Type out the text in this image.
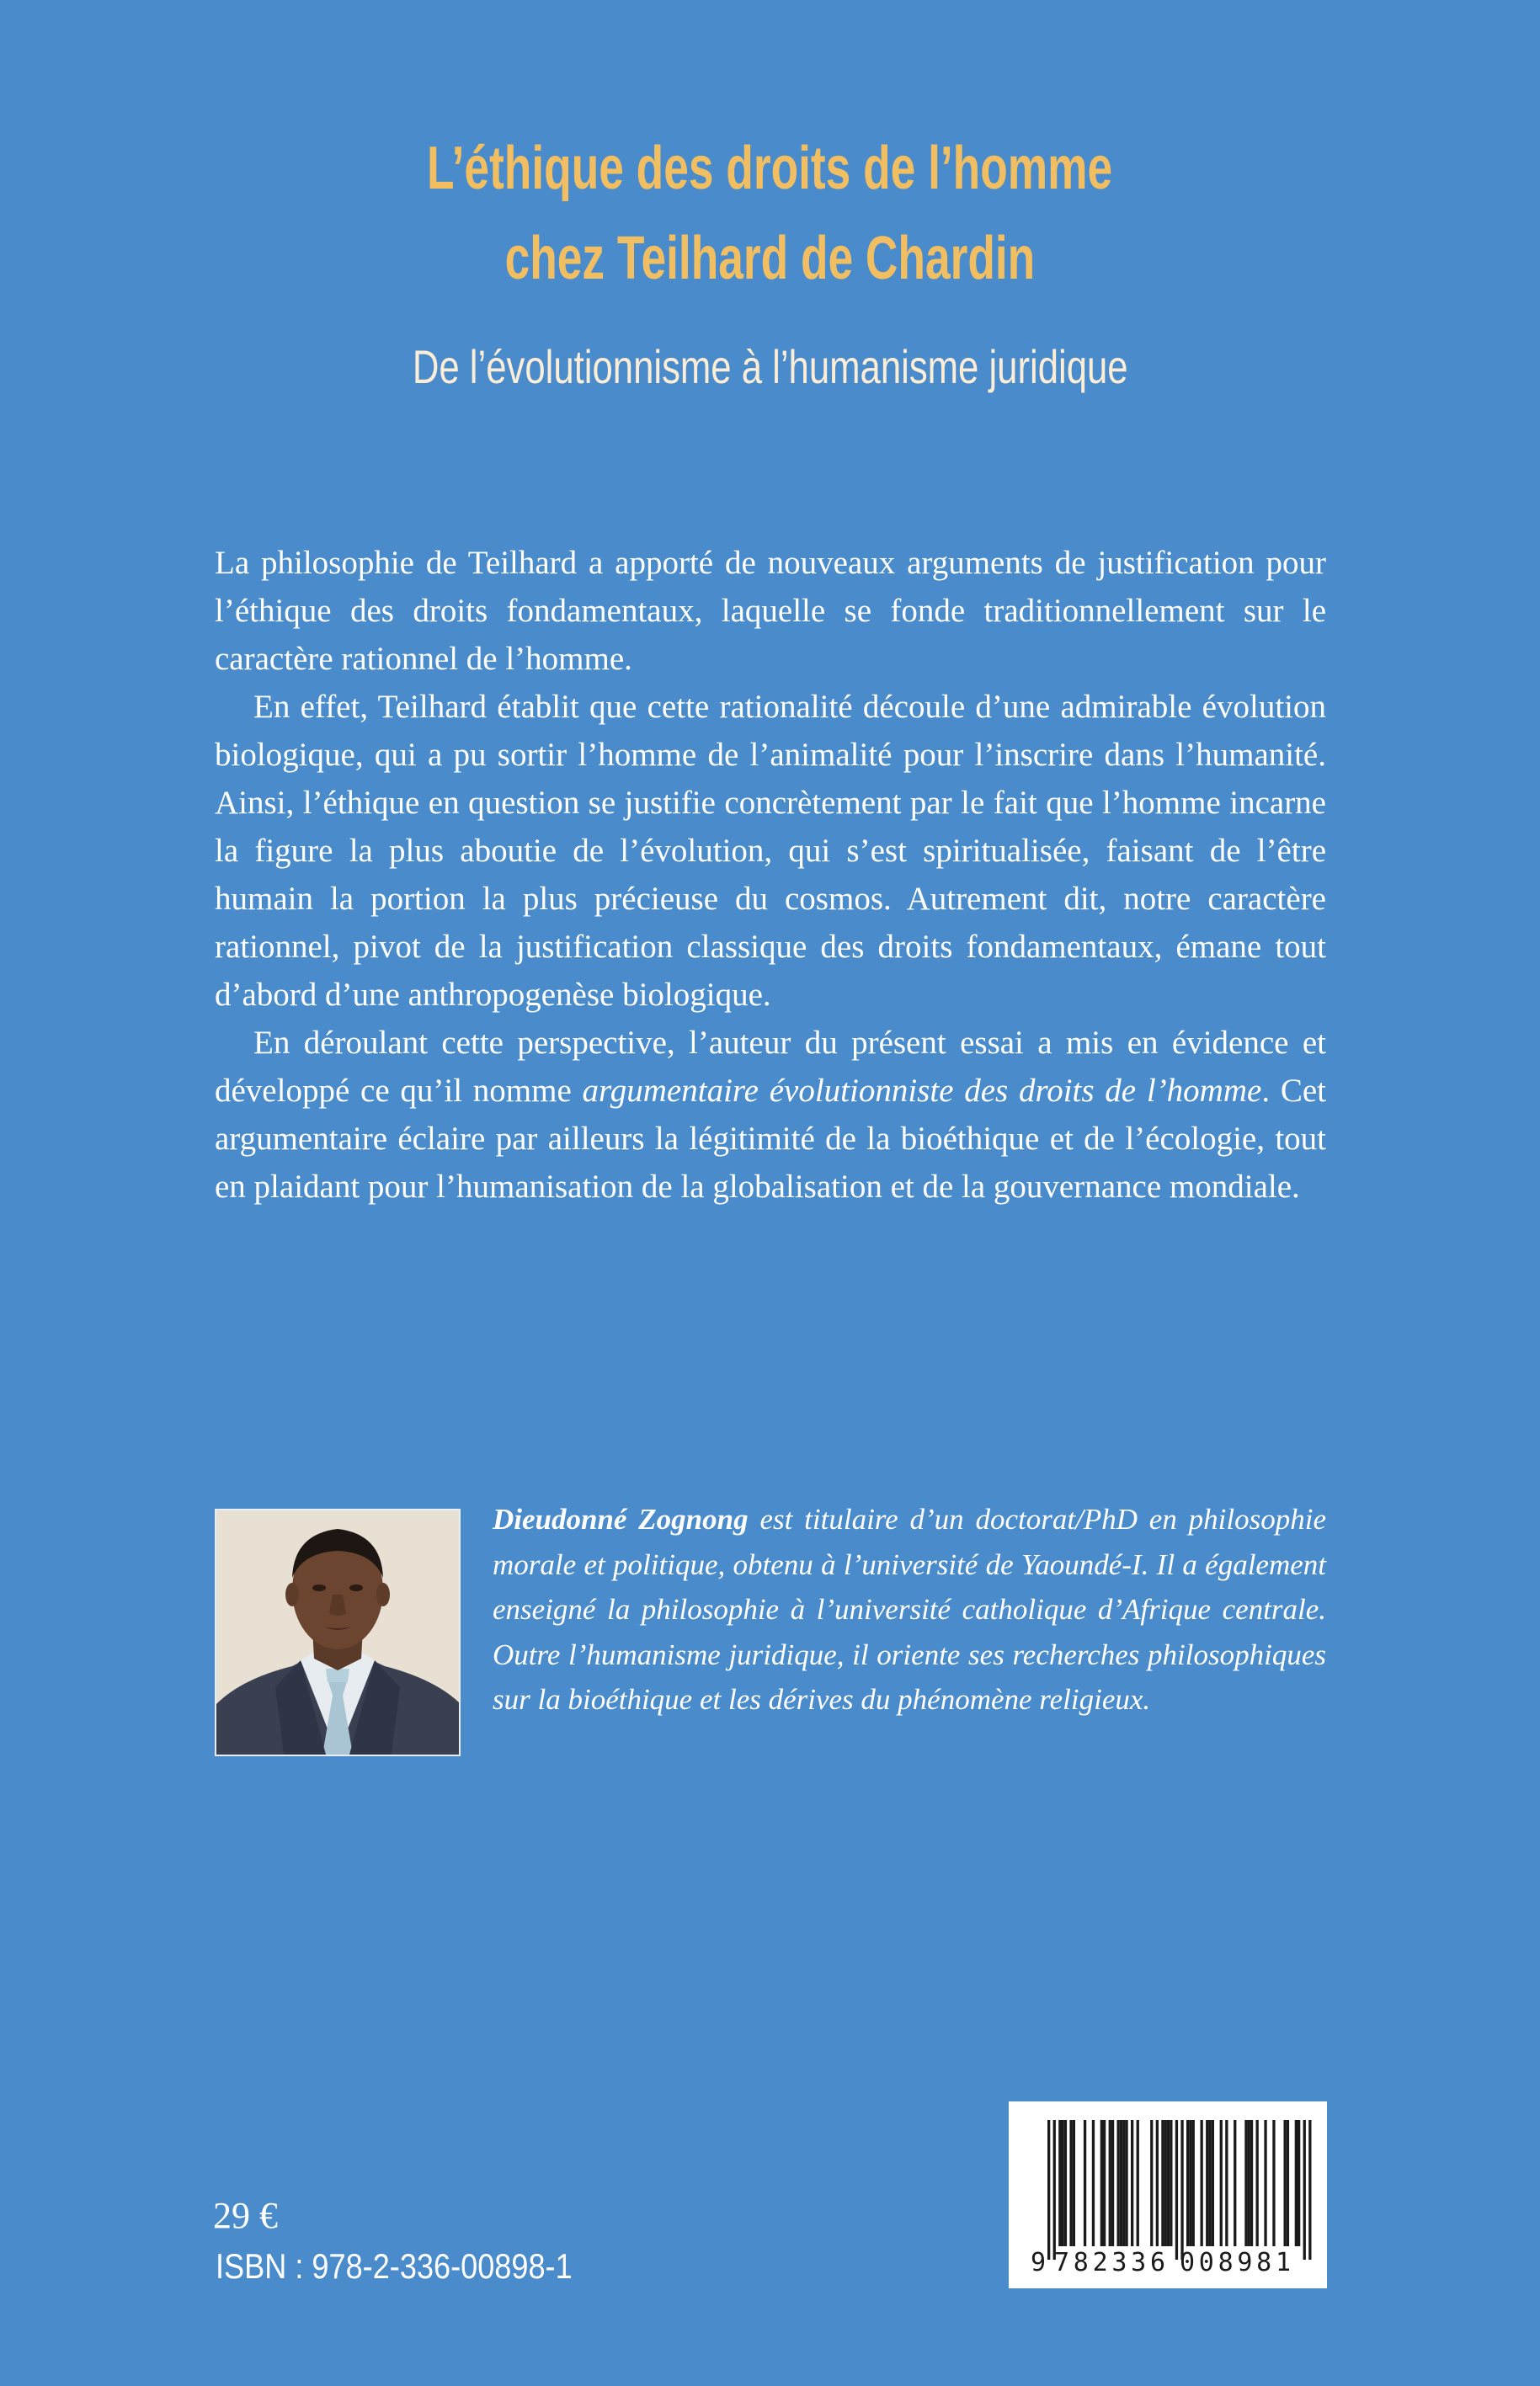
L’éthique des droits de l’homme
chez Teilhard de Chardin
De l’évolutionnisme à l’humanisme juridique

La philosophie de Teilhard a apporté de nouveaux arguments de justification pour l’éthique des droits fondamentaux, laquelle se fonde traditionnellement sur le caractère rationnel de l’homme.

En effet, Teilhard établit que cette rationalité découle d’une admirable évolution biologique, qui a pu sortir l’homme de l’animalité pour l’inscrire dans l’humanité. Ainsi, l’éthique en question se justifie concrètement par le fait que l’homme incarne la figure la plus aboutie de l’évolution, qui s’est spiritualisée, faisant de l’être humain la portion la plus précieuse du cosmos. Autrement dit, notre caractère rationnel, pivot de la justification classique des droits fondamentaux, émane tout d’abord d’une anthropogenèse biologique.

En déroulant cette perspective, l’auteur du présent essai a mis en évidence et développé ce qu’il nomme argumentaire évolutionniste des droits de l’homme. Cet argumentaire éclaire par ailleurs la légitimité de la bioéthique et de l’écologie, tout en plaidant pour l’humanisation de la globalisation et de la gouvernance mondiale.

Dieudonné Zognong est titulaire d’un doctorat/PhD en philosophie morale et politique, obtenu à l’université de Yaoundé-I. Il a également enseigné la philosophie à l’université catholique d’Afrique centrale. Outre l’humanisme juridique, il oriente ses recherches philosophiques sur la bioéthique et les dérives du phénomène religieux.
29 €
ISBN : 978-2-336-00898-1	9 782336 008981
